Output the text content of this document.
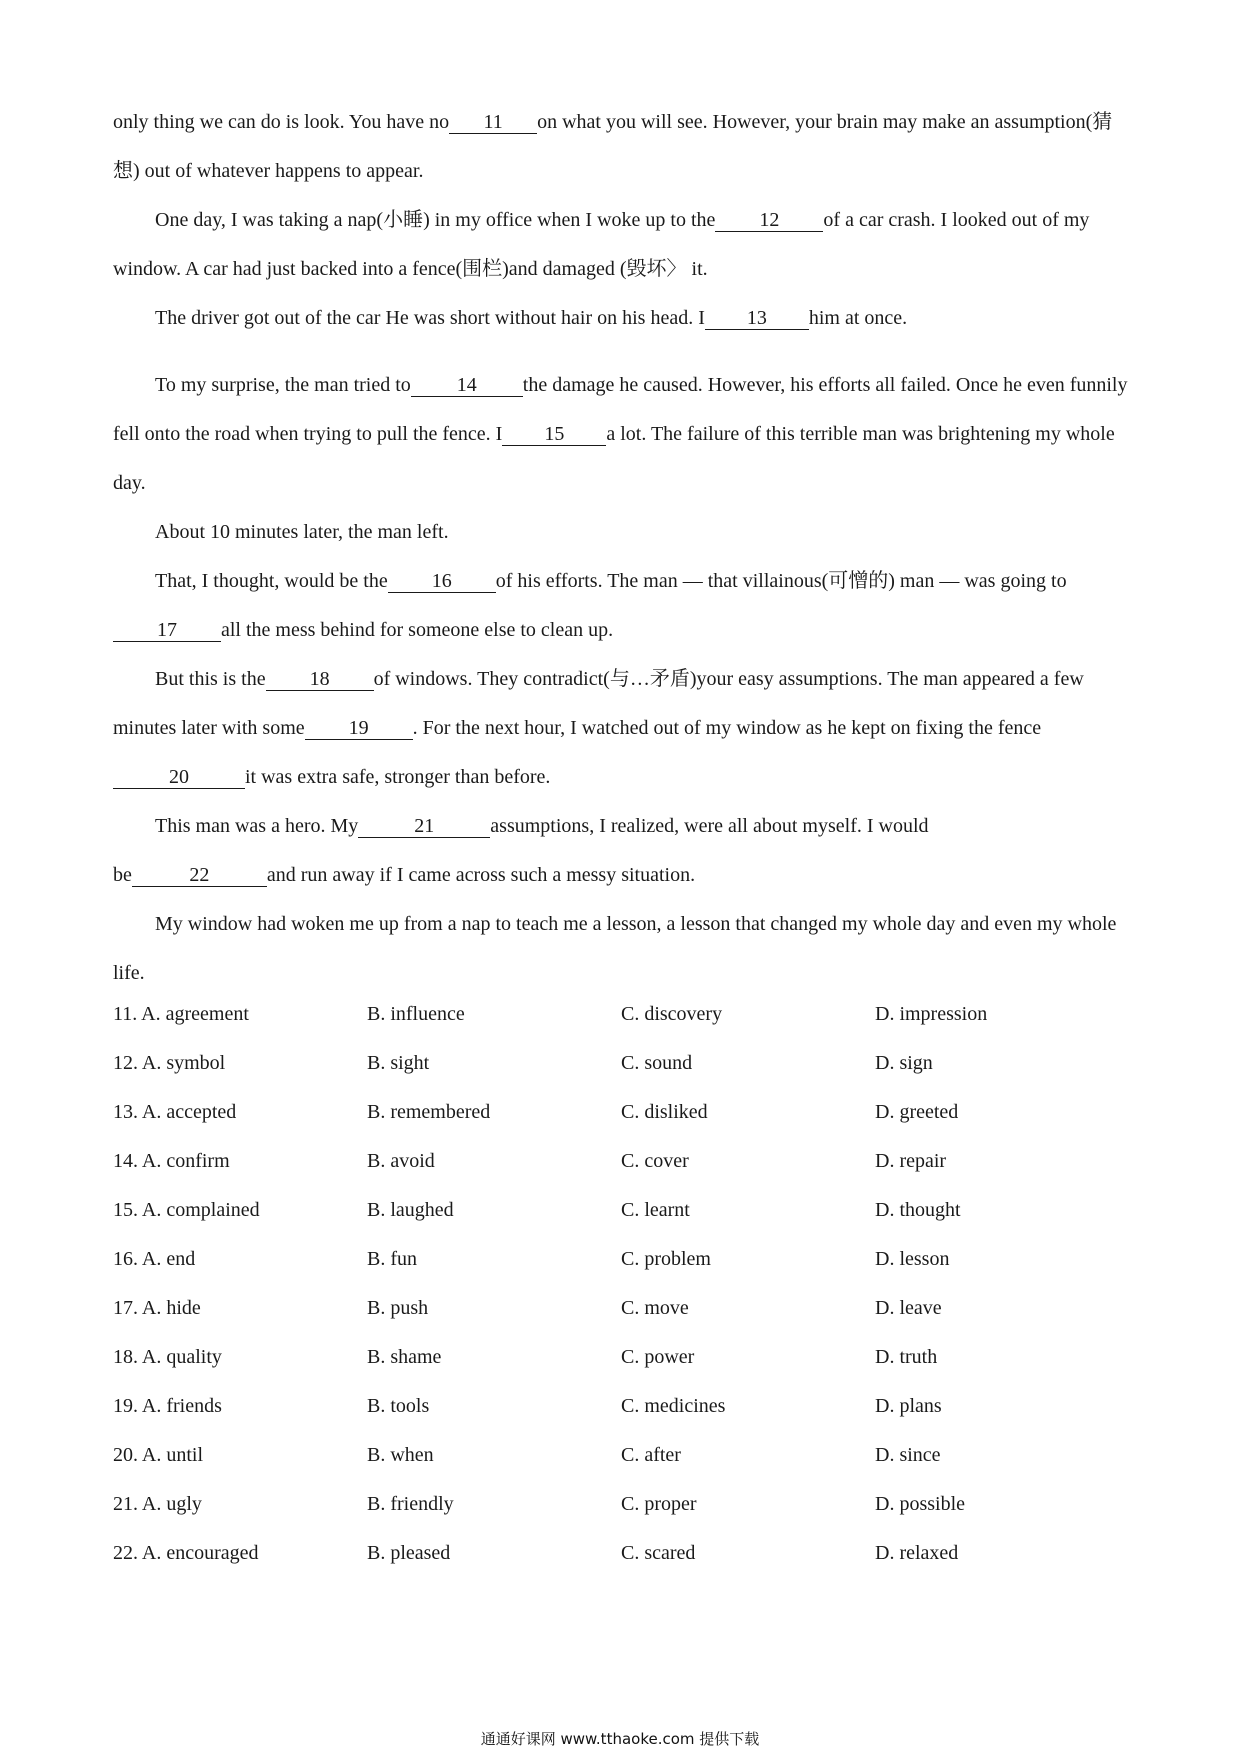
only thing we can do is look. You have no 11 on what you will see. However, your brain may make an assumption(猜想) out of whatever happens to appear.

One day, I was taking a nap(小睡) in my office when I woke up to the 12 of a car crash. I looked out of my window. A car had just backed into a fence(围栏)and damaged (毁坏〉 it.

The driver got out of the car He was short without hair on his head. I 13 him at once.

To my surprise, the man tried to 14 the damage he caused. However, his efforts all failed. Once he even funnily fell onto the road when trying to pull the fence. I 15 a lot. The failure of this terrible man was brightening my whole day.

About 10 minutes later, the man left.

That, I thought, would be the 16 of his efforts. The man — that villainous(可憎的) man — was going to17 all the mess behind for someone else to clean up.

But this is the 18 of windows. They contradict(与…矛盾)your easy assumptions. The man appeared a few minutes later with some 19 . For the next hour, I watched out of my window as he kept on fixing the fence20	it was extra safe, stronger than before.

This man was a hero. My	21	assumptions, I realized, were all about myself. I would

be	22	and run away if I came across such a messy situation.

My window had woken me up from a nap to teach me a lesson, a lesson that changed my whole day and even my whole life.

11. A. agreement	B. influence	C. discovery	D. impression
12. A. symbol	B. sight	C. sound	D. sign
13. A. accepted	B. remembered	C. disliked	D. greeted
14. A. confirm	B. avoid	C. cover	D. repair
15. A. complained	B. laughed	C. learnt	D. thought
16. A. end	B. fun	C. problem	D. lesson
17. A. hide	B. push	C. move	D. leave
18. A. quality	B. shame	C. power	D. truth
19. A. friends	B. tools	C. medicines	D. plans
20. A. until	B. when	C. after	D. since
21. A. ugly	B. friendly	C. proper	D. possible
22. A. encouraged	B. pleased	C. scared	D. relaxed
通通好课网 www.tthaoke.com 提供下载
